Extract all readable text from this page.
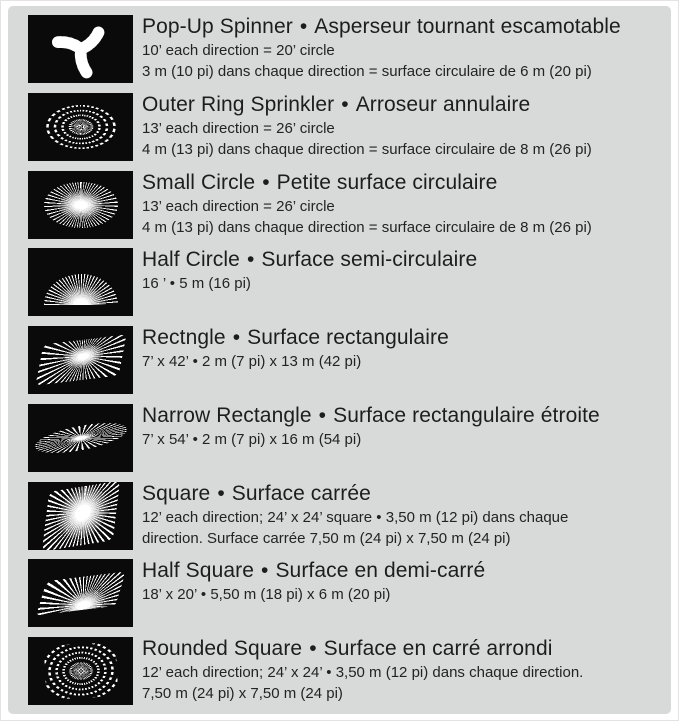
Pop-Up Spinner • Asperseur tournant escamotable
10’ each direction = 20’ circle
3 m (10 pi) dans chaque direction = surface circulaire de 6 m (20 pi)
Outer Ring Sprinkler • Arroseur annulaire
13’ each direction = 26’ circle
4 m (13 pi) dans chaque direction = surface circulaire de 8 m (26 pi)
Small Circle • Petite surface circulaire
13’ each direction = 26’ circle
4 m (13 pi) dans chaque direction = surface circulaire de 8 m (26 pi)
Half Circle • Surface semi-circulaire
16 ’ • 5 m (16 pi)
Rectngle • Surface rectangulaire
7’ x 42’ • 2 m (7 pi) x 13 m (42 pi)
Narrow Rectangle • Surface rectangulaire étroite
7’ x 54’ • 2 m (7 pi) x 16 m (54 pi)
Square • Surface carrée
12’ each direction; 24’ x 24’ square • 3,50 m (12 pi) dans chaque
direction. Surface carrée 7,50 m (24 pi) x 7,50 m (24 pi)
Half Square • Surface en demi-carré
18’ x 20’ • 5,50 m (18 pi) x 6 m (20 pi)
Rounded Square • Surface en carré arrondi
12’ each direction; 24’ x 24’ • 3,50 m (12 pi) dans chaque direction.
7,50 m (24 pi) x 7,50 m (24 pi)
